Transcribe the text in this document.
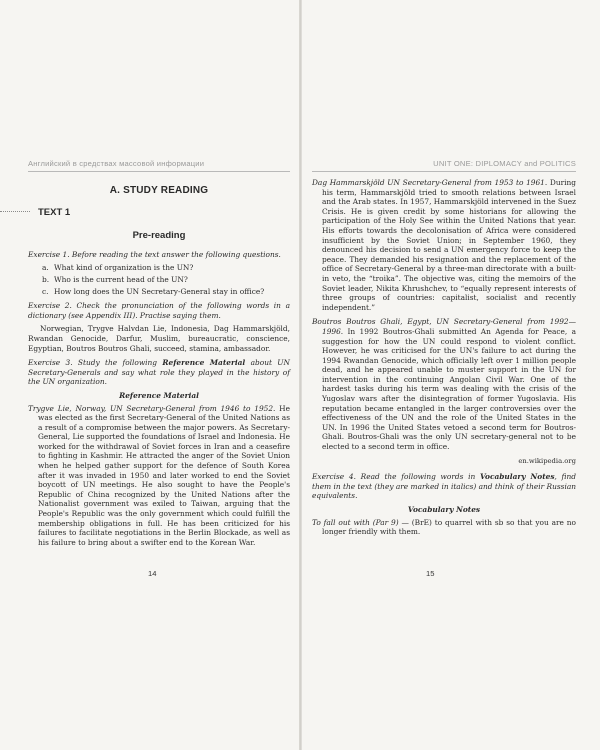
Английский в средствах массовой информации
A. STUDY READING
TEXT 1
Pre-reading
Exercise 1. Before reading the text answer the following questions.
a. What kind of organization is the UN?
b. Who is the current head of the UN?
c. How long does the UN Secretary-General stay in office?
Exercise 2. Check the pronunciation of the following words in a dictionary (see Appendix III). Practise saying them.
Norwegian, Trygve Halvdan Lie, Indonesia, Dag Hammarskjöld, Rwandan Genocide, Darfur, Muslim, bureaucratic, conscience, Egyptian, Boutros Boutros Ghali, succeed, stamina, ambassador.
Exercise 3. Study the following Reference Material about UN Secretary-Generals and say what role they played in the history of the UN organization.
Reference Material
Trygve Lie, Norway, UN Secretary-General from 1946 to 1952. He was elected as the first Secretary-General of the United Nations as a result of a compromise between the major powers. As Secretary-General, Lie supported the foundations of Israel and Indonesia. He worked for the withdrawal of Soviet forces in Iran and a ceasefire to fighting in Kashmir. He attracted the anger of the Soviet Union when he helped gather support for the defence of South Korea after it was invaded in 1950 and later worked to end the Soviet boycott of UN meetings. He also sought to have the People's Republic of China recognized by the United Nations after the Nationalist government was exiled to Taiwan, arguing that the People's Republic was the only government which could fulfill the membership obligations in full. He has been criticized for his failures to facilitate negotiations in the Berlin Blockade, as well as his failure to bring about a swifter end to the Korean War.
14
UNIT ONE: DIPLOMACY and POLITICS
Dag Hammarskjöld UN Secretary-General from 1953 to 1961. During his term, Hammarskjöld tried to smooth relations between Israel and the Arab states. In 1957, Hammarskjöld intervened in the Suez Crisis. He is given credit by some historians for allowing the participation of the Holy See within the United Nations that year. His efforts towards the decolonisation of Africa were considered insufficient by the Soviet Union; in September 1960, they denounced his decision to send a UN emergency force to keep the peace. They demanded his resignation and the replacement of the office of Secretary-General by a three-man directorate with a built-in veto, the “troika”. The objective was, citing the memoirs of the Soviet leader, Nikita Khrushchev, to “equally represent interests of three groups of countries: capitalist, socialist and recently independent.”
Boutros Boutros Ghali, Egypt, UN Secretary-General from 1992—1996. In 1992 Boutros-Ghali submitted An Agenda for Peace, a suggestion for how the UN could respond to violent conflict. However, he was criticised for the UN's failure to act during the 1994 Rwandan Genocide, which officially left over 1 million people dead, and he appeared unable to muster support in the UN for intervention in the continuing Angolan Civil War. One of the hardest tasks during his term was dealing with the crisis of the Yugoslav wars after the disintegration of former Yugoslavia. His reputation became entangled in the larger controversies over the effectiveness of the UN and the role of the United States in the UN. In 1996 the United States vetoed a second term for Boutros-Ghali. Boutros-Ghali was the only UN secretary-general not to be elected to a second term in office.
en.wikipedia.org
Exercise 4. Read the following words in Vocabulary Notes, find them in the text (they are marked in italics) and think of their Russian equivalents.
Vocabulary Notes
To fall out with (Par 9) — (BrE) to quarrel with sb so that you are no longer friendly with them.
15
